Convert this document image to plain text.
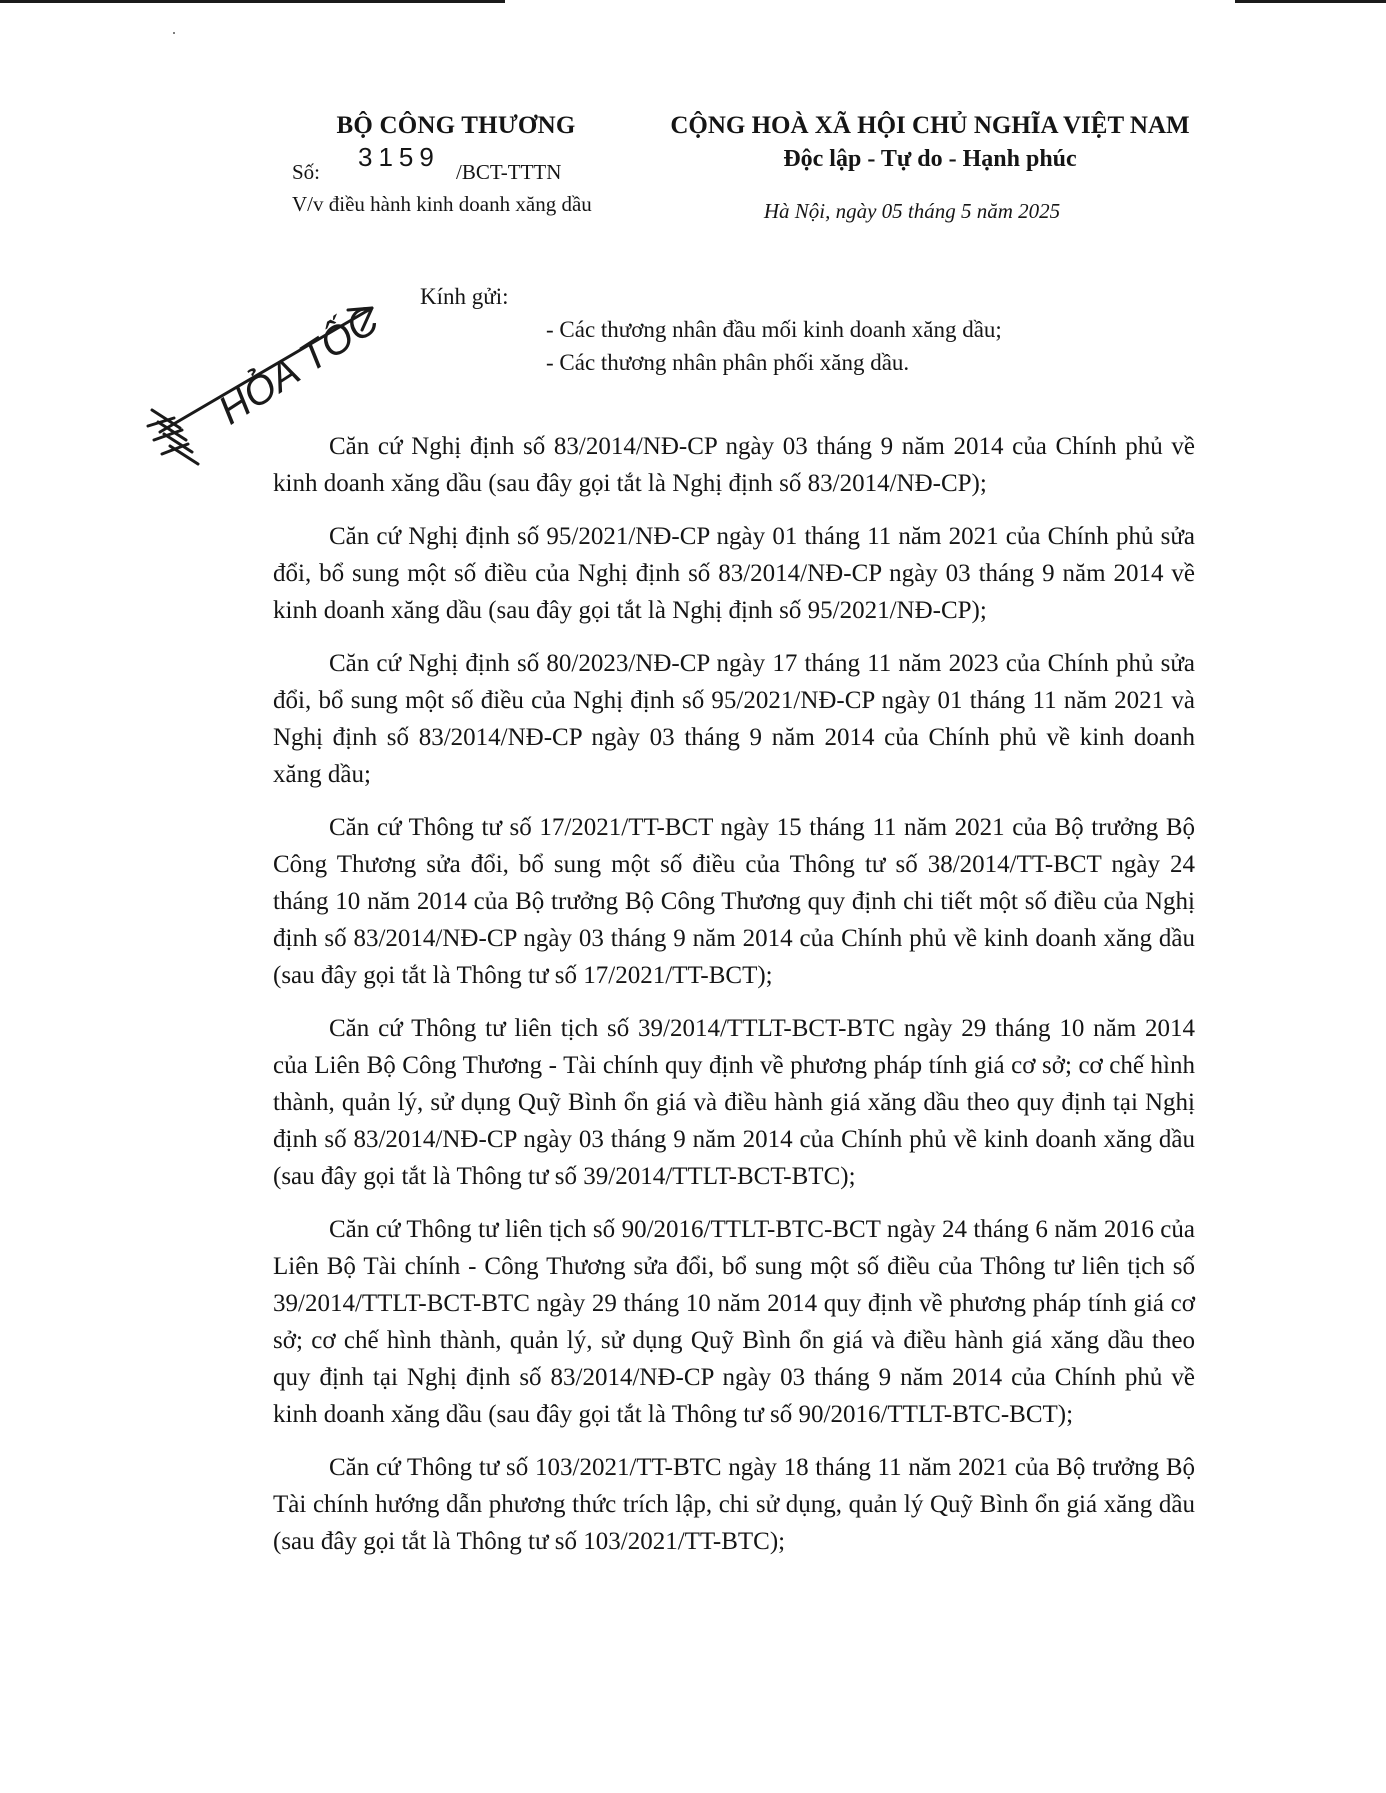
BỘ CÔNG THƯƠNG
Số: 3159 /BCT-TTTN
V/v điều hành kinh doanh xăng dầu
CỘNG HOÀ XÃ HỘI CHỦ NGHĨA VIỆT NAM
Độc lập - Tự do - Hạnh phúc
Hà Nội, ngày 05 tháng 5 năm 2025
HỎA TỐC
Kính gửi:
- Các thương nhân đầu mối kinh doanh xăng dầu;
- Các thương nhân phân phối xăng dầu.

Căn cứ Nghị định số 83/2014/NĐ-CP ngày 03 tháng 9 năm 2014 của Chính phủ về kinh doanh xăng dầu (sau đây gọi tắt là Nghị định số 83/2014/NĐ-CP);

Căn cứ Nghị định số 95/2021/NĐ-CP ngày 01 tháng 11 năm 2021 của Chính phủ sửa đổi, bổ sung một số điều của Nghị định số 83/2014/NĐ-CP ngày 03 tháng 9 năm 2014 về kinh doanh xăng dầu (sau đây gọi tắt là Nghị định số 95/2021/NĐ-CP);

Căn cứ Nghị định số 80/2023/NĐ-CP ngày 17 tháng 11 năm 2023 của Chính phủ sửa đổi, bổ sung một số điều của Nghị định số 95/2021/NĐ-CP ngày 01 tháng 11 năm 2021 và Nghị định số 83/2014/NĐ-CP ngày 03 tháng 9 năm 2014 của Chính phủ về kinh doanh xăng dầu;

Căn cứ Thông tư số 17/2021/TT-BCT ngày 15 tháng 11 năm 2021 của Bộ trưởng Bộ Công Thương sửa đổi, bổ sung một số điều của Thông tư số 38/2014/TT-BCT ngày 24 tháng 10 năm 2014 của Bộ trưởng Bộ Công Thương quy định chi tiết một số điều của Nghị định số 83/2014/NĐ-CP ngày 03 tháng 9 năm 2014 của Chính phủ về kinh doanh xăng dầu (sau đây gọi tắt là Thông tư số 17/2021/TT-BCT);

Căn cứ Thông tư liên tịch số 39/2014/TTLT-BCT-BTC ngày 29 tháng 10 năm 2014 của Liên Bộ Công Thương - Tài chính quy định về phương pháp tính giá cơ sở; cơ chế hình thành, quản lý, sử dụng Quỹ Bình ổn giá và điều hành giá xăng dầu theo quy định tại Nghị định số 83/2014/NĐ-CP ngày 03 tháng 9 năm 2014 của Chính phủ về kinh doanh xăng dầu (sau đây gọi tắt là Thông tư số 39/2014/TTLT-BCT-BTC);

Căn cứ Thông tư liên tịch số 90/2016/TTLT-BTC-BCT ngày 24 tháng 6 năm 2016 của Liên Bộ Tài chính - Công Thương sửa đổi, bổ sung một số điều của Thông tư liên tịch số 39/2014/TTLT-BCT-BTC ngày 29 tháng 10 năm 2014 quy định về phương pháp tính giá cơ sở; cơ chế hình thành, quản lý, sử dụng Quỹ Bình ổn giá và điều hành giá xăng dầu theo quy định tại Nghị định số 83/2014/NĐ-CP ngày 03 tháng 9 năm 2014 của Chính phủ về kinh doanh xăng dầu (sau đây gọi tắt là Thông tư số 90/2016/TTLT-BTC-BCT);

Căn cứ Thông tư số 103/2021/TT-BTC ngày 18 tháng 11 năm 2021 của Bộ trưởng Bộ Tài chính hướng dẫn phương thức trích lập, chi sử dụng, quản lý Quỹ Bình ổn giá xăng dầu (sau đây gọi tắt là Thông tư số 103/2021/TT-BTC);
